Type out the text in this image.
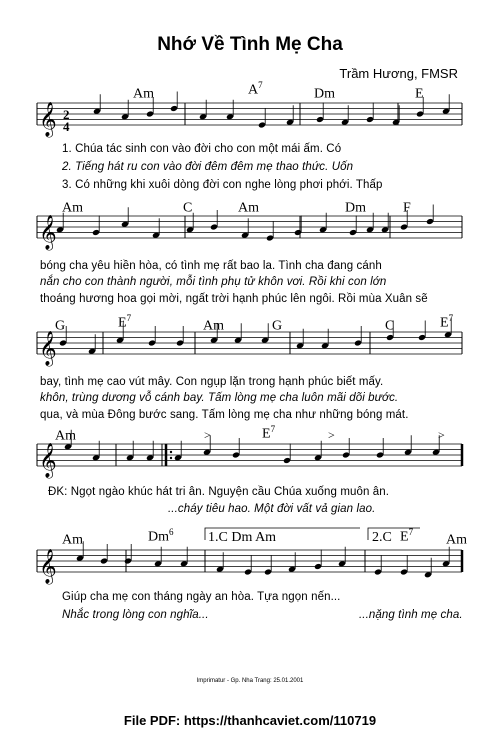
Nhớ Về Tình Mẹ Cha
Trầm Hương, FMSR
𝄞
𝄞
𝄞
𝄞
𝄞
2
4
Am	$A^7$
Dm	E
1. Chúa tác sinh con vào đời cho con một mái ấm. Có
2. Tiếng hát ru con vào đời đêm đêm mẹ thao thức. Uốn
3. Có những khi xuôi dòng đời con nghe lòng phơi phới. Thấp
Am	C	Am	Dm	F
bóng cha yêu hiền hòa, có tình mẹ rất bao la. Tình cha đang cánh
nắn cho con thành người, mỗi tình phụ tử khôn vơi. Rồi khi con lớn
thoáng hương hoa gọi mời, ngất trời hạnh phúc lên ngôi. Rồi mùa Xuân sẽ
G	$E^7$
Am	G	C	$E^7$
bay, tình mẹ cao vút mây. Con ngụp lặn trong hạnh phúc biết mấy.
khôn, trùng dương vỗ cánh bay. Tấm lòng mẹ cha luôn mãi dõi bước.
qua, và mùa Đông bước sang. Tấm lòng mẹ cha như những bóng mát.
Am	$E^7$
>	>	>
ĐK: Ngọt ngào khúc hát tri ân. Nguyện cầu Chúa xuống muôn ân.
...cháy tiêu hao. Một đời vất vả gian lao.
Am	Dm$^6$ 1.C Dm Am	2.C $E^7$
Am
Giúp cha mẹ con tháng ngày an hòa. Tựa ngọn nến...
Nhắc trong lòng con nghĩa...	...nặng tình mẹ cha.
Imprimatur - Gp. Nha Trang: 25.01.2001
File PDF: https://thanhcaviet.com/110719
